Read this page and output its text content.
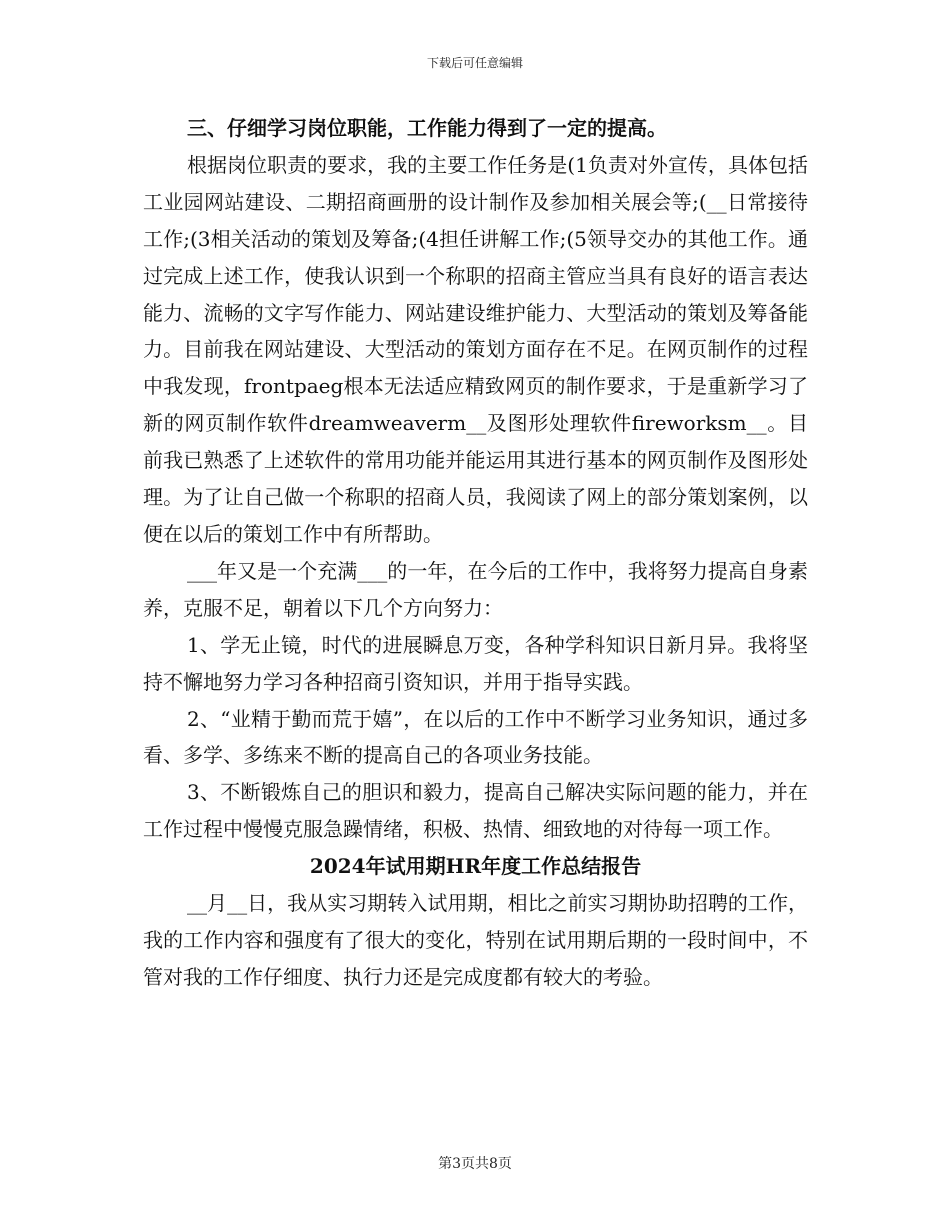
下载后可任意编辑

三、仔细学习岗位职能，工作能力得到了一定的提高。

根据岗位职责的要求，我的主要工作任务是(1负责对外宣传，具体包括工业园网站建设、二期招商画册的设计制作及参加相关展会等;(__日常接待工作;(3相关活动的策划及筹备;(4担任讲解工作;(5领导交办的其他工作。通过完成上述工作，使我认识到一个称职的招商主管应当具有良好的语言表达能力、流畅的文字写作能力、网站建设维护能力、大型活动的策划及筹备能力。目前我在网站建设、大型活动的策划方面存在不足。在网页制作的过程中我发现，frontpaeg根本无法适应精致网页的制作要求，于是重新学习了新的网页制作软件dreamweaverm__及图形处理软件fireworksm__。目前我已熟悉了上述软件的常用功能并能运用其进行基本的网页制作及图形处理。为了让自己做一个称职的招商人员，我阅读了网上的部分策划案例，以便在以后的策划工作中有所帮助。

___年又是一个充满___的一年，在今后的工作中，我将努力提高自身素养，克服不足，朝着以下几个方向努力：

1、学无止镜，时代的进展瞬息万变，各种学科知识日新月异。我将坚持不懈地努力学习各种招商引资知识，并用于指导实践。

2、“业精于勤而荒于嬉”，在以后的工作中不断学习业务知识，通过多看、多学、多练来不断的提高自己的各项业务技能。

3、不断锻炼自己的胆识和毅力，提高自己解决实际问题的能力，并在工作过程中慢慢克服急躁情绪，积极、热情、细致地的对待每一项工作。

2024年试用期HR年度工作总结报告

__月__日，我从实习期转入试用期，相比之前实习期协助招聘的工作，我的工作内容和强度有了很大的变化，特别在试用期后期的一段时间中，不管对我的工作仔细度、执行力还是完成度都有较大的考验。

第3页共8页
